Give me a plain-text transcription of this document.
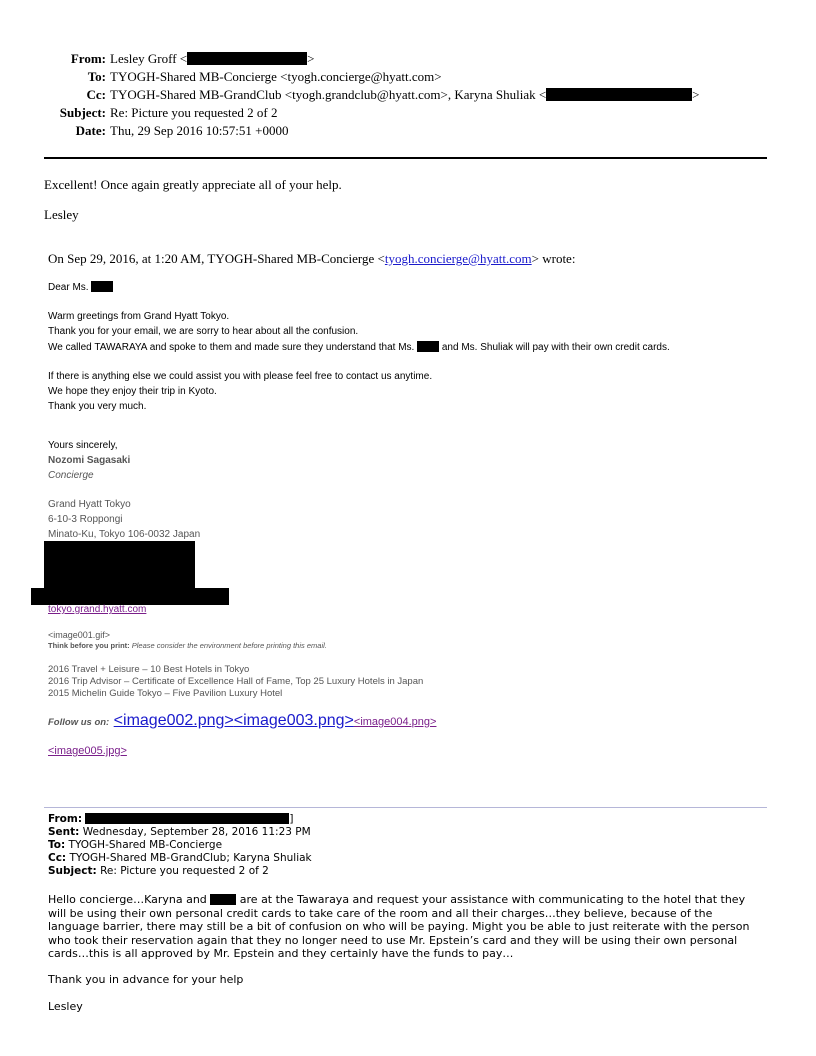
From: Lesley Groff <	>
To: TYOGH-Shared MB-Concierge <tyogh.concierge@hyatt.com>
Cc: TYOGH-Shared MB-GrandClub <tyogh.grandclub@hyatt.com>, Karyna Shuliak <	>
Subject: Re: Picture you requested 2 of 2
Date: Thu, 29 Sep 2016 10:57:51 +0000
Excellent! Once again greatly appreciate all of your help.
Lesley
On Sep 29, 2016, at 1:20 AM, TYOGH-Shared MB-Concierge <tyogh.concierge@hyatt.com> wrote:
Dear Ms.
Warm greetings from Grand Hyatt Tokyo.
Thank you for your email, we are sorry to hear about all the confusion.
We called TAWARAYA and spoke to them and made sure they understand that Ms.	and Ms. Shuliak will pay with their own credit cards.
If there is anything else we could assist you with please feel free to contact us anytime.
We hope they enjoy their trip in Kyoto.
Thank you very much.
Yours sincerely,
Nozomi Sagasaki
Concierge
Grand Hyatt Tokyo
6-10-3 Roppongi
Minato-Ku, Tokyo 106-0032 Japan
tokyo.grand.hyatt.com
<image001.gif>
Think before you print: Please consider the environment before printing this email.
2016 Travel + Leisure – 10 Best Hotels in Tokyo
2016 Trip Advisor – Certificate of Excellence Hall of Fame, Top 25 Luxury Hotels in Japan
2015 Michelin Guide Tokyo – Five Pavilion Luxury Hotel
Follow us on: <image002.png><image003.png><image004.png>
<image005.jpg>
From:	]
Sent: Wednesday, September 28, 2016 11:23 PM
To: TYOGH-Shared MB-Concierge
Cc: TYOGH-Shared MB-GrandClub; Karyna Shuliak
Subject: Re: Picture you requested 2 of 2
Hello concierge…Karyna and	are at the Tawaraya and request your assistance with communicating to the hotel that they
will be using their own personal credit cards to take care of the room and all their charges…they believe, because of the
language barrier, there may still be a bit of confusion on who will be paying. Might you be able to just reiterate with the person
who took their reservation again that they no longer need to use Mr. Epstein’s card and they will be using their own personal
cards…this is all approved by Mr. Epstein and they certainly have the funds to pay…
Thank you in advance for your help
Lesley
